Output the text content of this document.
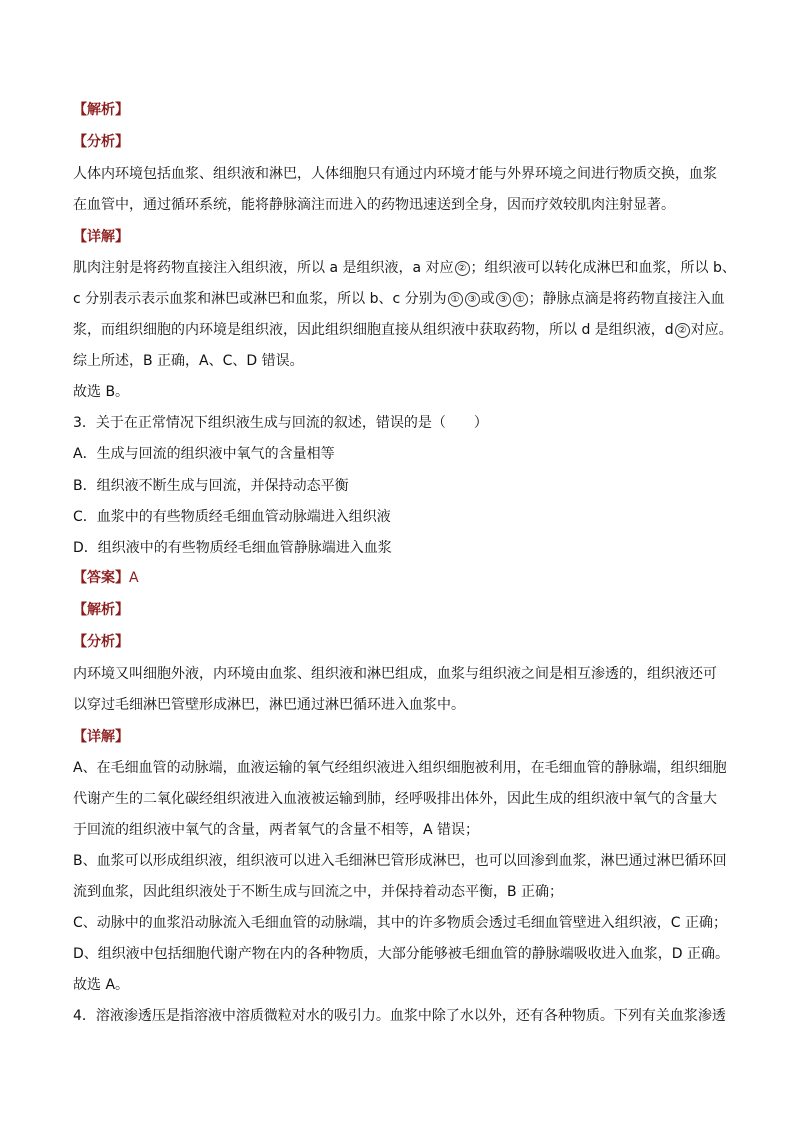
【解析】
【分析】
人体内环境包括血浆、组织液和淋巴，人体细胞只有通过内环境才能与外界环境之间进行物质交换，血浆
在血管中，通过循环系统，能将静脉滴注而进入的药物迅速送到全身，因而疗效较肌肉注射显著。
【详解】
肌肉注射是将药物直接注入组织液，所以 a 是组织液，a 对应 ② ；组织液可以转化成淋巴和血浆，所以 b、
c 分别表示表示血浆和淋巴或淋巴和血浆，所以 b、c 分别为 ① ③ 或 ③ ① ；静脉点滴是将药物直接注入血
浆，而组织细胞的内环境是组织液，因此组织细胞直接从组织液中获取药物，所以 d 是组织液，d ② 对应。
综上所述，B 正确，A、C、D 错误。
故选 B。
3．关于在正常情况下组织液生成与回流的叙述，错误的是（　　）
A．生成与回流的组织液中氧气的含量相等
B．组织液不断生成与回流，并保持动态平衡
C．血浆中的有些物质经毛细血管动脉端进入组织液
D．组织液中的有些物质经毛细血管静脉端进入血浆
【答案】A
【解析】
【分析】
内环境又叫细胞外液，内环境由血浆、组织液和淋巴组成，血浆与组织液之间是相互渗透的，组织液还可
以穿过毛细淋巴管壁形成淋巴，淋巴通过淋巴循环进入血浆中。
【详解】
A、在毛细血管的动脉端，血液运输的氧气经组织液进入组织细胞被利用，在毛细血管的静脉端，组织细胞
代谢产生的二氧化碳经组织液进入血液被运输到肺，经呼吸排出体外，因此生成的组织液中氧气的含量大
于回流的组织液中氧气的含量，两者氧气的含量不相等，A 错误；
B、血浆可以形成组织液，组织液可以进入毛细淋巴管形成淋巴，也可以回渗到血浆，淋巴通过淋巴循环回
流到血浆，因此组织液处于不断生成与回流之中，并保持着动态平衡，B 正确；
C、动脉中的血浆沿动脉流入毛细血管的动脉端，其中的许多物质会透过毛细血管壁进入组织液，C 正确；
D、组织液中包括细胞代谢产物在内的各种物质，大部分能够被毛细血管的静脉端吸收进入血浆，D 正确。
故选 A。
4．溶液渗透压是指溶液中溶质微粒对水的吸引力。血浆中除了水以外，还有各种物质。下列有关血浆渗透
